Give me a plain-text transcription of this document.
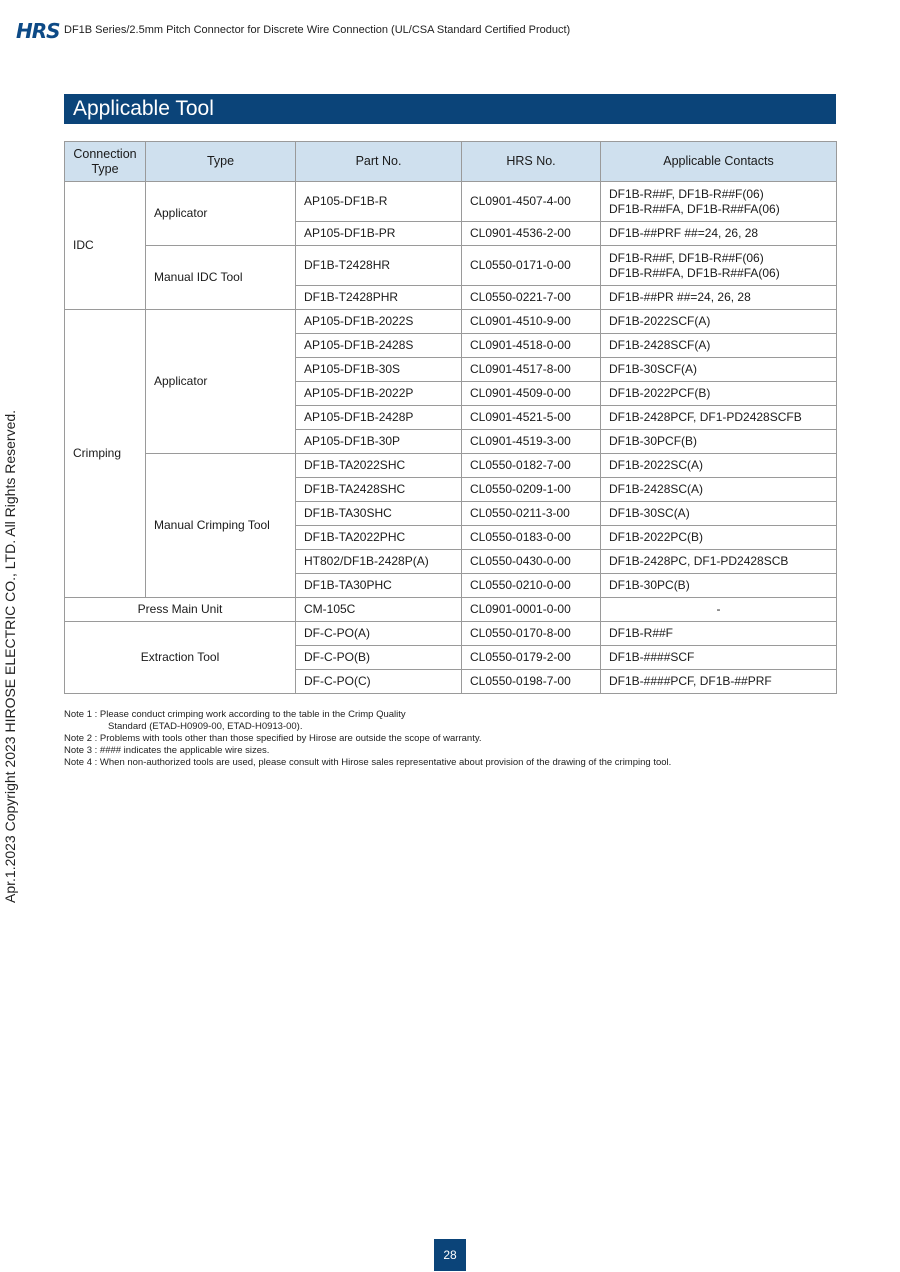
HRS DF1B Series/2.5mm Pitch Connector for Discrete Wire Connection (UL/CSA Standard Certified Product)
Apr.1.2023 Copyright 2023 HIROSE ELECTRIC CO., LTD. All Rights Reserved.
Applicable Tool
Connection Type	Type	Part No.	HRS No.	Applicable Contacts
IDC	Applicator	AP105-DF1B-R	CL0901-4507-4-00	DF1B-R##F, DF1B-R##F(06)
DF1B-R##FA, DF1B-R##FA(06)
		AP105-DF1B-PR	CL0901-4536-2-00	DF1B-##PRF ##=24, 26, 28
	Manual IDC Tool	DF1B-T2428HR	CL0550-0171-0-00	DF1B-R##F, DF1B-R##F(06)
DF1B-R##FA, DF1B-R##FA(06)
		DF1B-T2428PHR	CL0550-0221-7-00	DF1B-##PR ##=24, 26, 28
Crimping	Applicator	AP105-DF1B-2022S	CL0901-4510-9-00	DF1B-2022SCF(A)
		AP105-DF1B-2428S	CL0901-4518-0-00	DF1B-2428SCF(A)
		AP105-DF1B-30S	CL0901-4517-8-00	DF1B-30SCF(A)
		AP105-DF1B-2022P	CL0901-4509-0-00	DF1B-2022PCF(B)
		AP105-DF1B-2428P	CL0901-4521-5-00	DF1B-2428PCF, DF1-PD2428SCFB
		AP105-DF1B-30P	CL0901-4519-3-00	DF1B-30PCF(B)
	Manual Crimping Tool	DF1B-TA2022SHC	CL0550-0182-7-00	DF1B-2022SC(A)
		DF1B-TA2428SHC	CL0550-0209-1-00	DF1B-2428SC(A)
		DF1B-TA30SHC	CL0550-0211-3-00	DF1B-30SC(A)
		DF1B-TA2022PHC	CL0550-0183-0-00	DF1B-2022PC(B)
		HT802/DF1B-2428P(A)	CL0550-0430-0-00	DF1B-2428PC, DF1-PD2428SCB
		DF1B-TA30PHC	CL0550-0210-0-00	DF1B-30PC(B)
Press Main Unit		CM-105C	CL0901-0001-0-00	-
Extraction Tool		DF-C-PO(A)	CL0550-0170-8-00	DF1B-R##F
		DF-C-PO(B)	CL0550-0179-2-00	DF1B-####SCF
		DF-C-PO(C)	CL0550-0198-7-00	DF1B-####PCF, DF1B-##PRF
Note 1 : Please conduct crimping work according to the table in the Crimp Quality
Standard (ETAD-H0909-00, ETAD-H0913-00).
Note 2 : Problems with tools other than those specified by Hirose are outside the scope of warranty.
Note 3 : #### indicates the applicable wire sizes.
Note 4 : When non-authorized tools are used, please consult with Hirose sales representative about provision of the drawing of the crimping tool.
28
